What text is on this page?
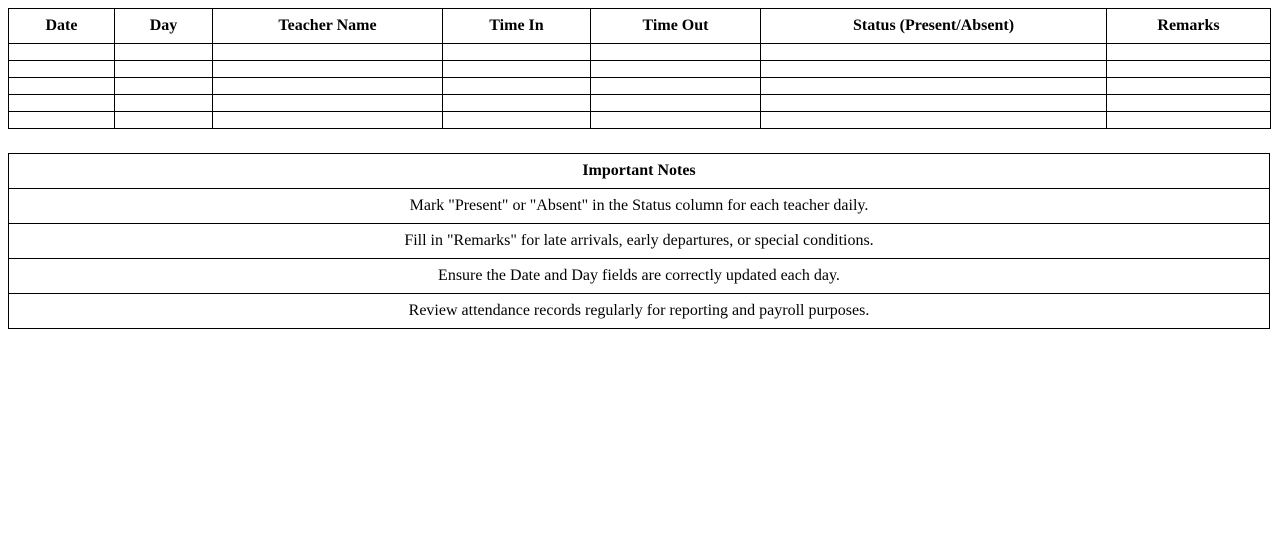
Date	Day	Teacher Name	Time In	Time Out	Status (Present/Absent)	Remarks

Important Notes
Mark "Present" or "Absent" in the Status column for each teacher daily.
Fill in "Remarks" for late arrivals, early departures, or special conditions.
Ensure the Date and Day fields are correctly updated each day.
Review attendance records regularly for reporting and payroll purposes.
